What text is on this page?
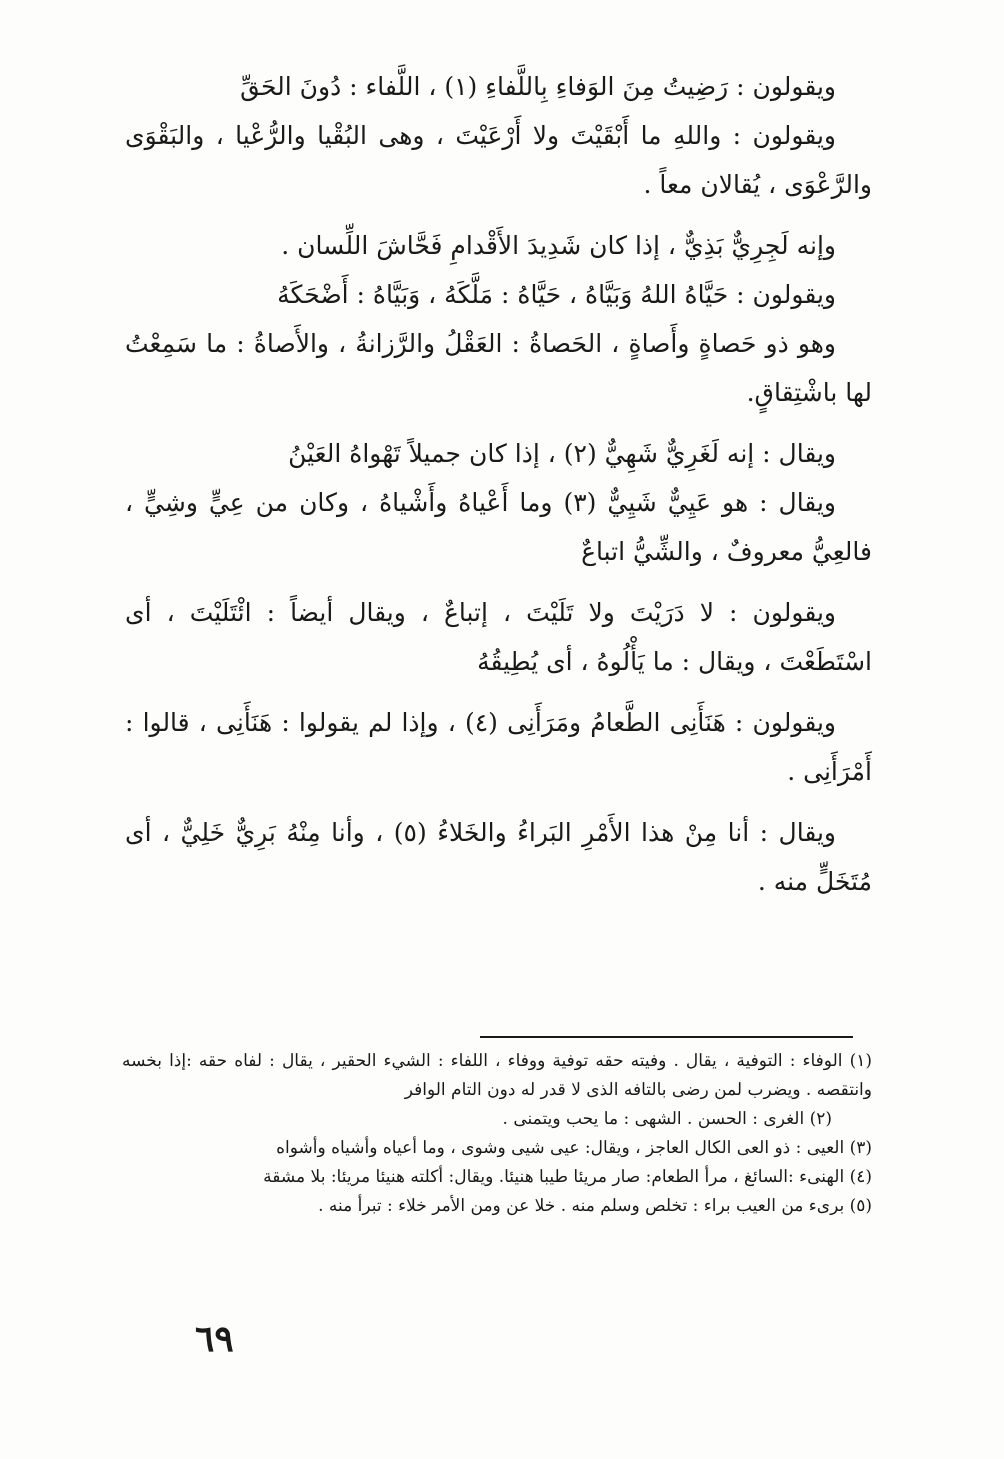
ويقولون : رَضِيتُ مِنَ الوَفاءِ بِاللَّفاءِ (١) ، اللَّفاء : دُونَ الحَقِّ

ويقولون : واللهِ ما أَبْقَيْتَ ولا أَرْعَيْتَ ، وهى البُقْيا والرُّعْيا ، والبَقْوَى والرَّعْوَى ، يُقالان معاً .

وإنه لَجِرِيٌّ بَذِيٌّ ، إذا كان شَدِيدَ الأَقْدامِ فَحَّاشَ اللِّسان .

ويقولون : حَيَّاهُ اللهُ وَبَيَّاهُ ، حَيَّاهُ : مَلَّكَهُ ، وَبَيَّاهُ : أَضْحَكَهُ

وهو ذو حَصاةٍ وأَصاةٍ ، الحَصاةُ : العَقْلُ والرَّزانةُ ، والأَصاةُ : ما سَمِعْتُ لها باشْتِقاقٍ.

ويقال : إنه لَغَرِيٌّ شَهِيٌّ (٢) ، إذا كان جميلاً تَهْواهُ العَيْنُ

ويقال : هو عَيِيٌّ شَيِيٌّ (٣) وما أَعْياهُ وأَشْياهُ ، وكان من عِيٍّ وشِيٍّ ، فالعِيُّ معروفٌ ، والشِّيُّ اتباعٌ

ويقولون : لا دَرَيْتَ ولا تَلَيْتَ ، إتباعٌ ، ويقال أيضاً : ائْتَلَيْتَ ، أى اسْتَطَعْتَ ، ويقال : ما يَأْلُوهُ ، أى يُطِيقُهُ

ويقولون : هَنَأَنِى الطَّعامُ ومَرَأَنِى (٤) ، وإذا لم يقولوا : هَنَأَنِى ، قالوا : أَمْرَأَنِى .

ويقال : أنا مِنْ هذا الأَمْرِ البَراءُ والخَلاءُ (٥) ، وأنا مِنْهُ بَرِيٌّ خَلِيٌّ ، أى مُتَخَلٍّ منه .

(١) الوفاء : التوفية ، يقال . وفيته حقه توفية ووفاء ، اللفاء : الشيء الحقير ، يقال : لفاه حقه :إذا بخسه وانتقصه . ويضرب لمن رضى بالتافه الذى لا قدر له دون التام الوافر

(٢) الغرى : الحسن . الشهى : ما يحب ويتمنى .

(٣) العيى : ذو العى الكال العاجز ، ويقال: عيى شيى وشوى ، وما أعياه وأشياه وأشواه

(٤) الهنىء :السائغ ، مرأ الطعام: صار مريئا طيبا هنيئا. ويقال: أكلته هنيئا مريئا: بلا مشقة

(٥) برىء من العيب براء : تخلص وسلم منه . خلا عن ومن الأمر خلاء : تبرأ منه .

٦٩
